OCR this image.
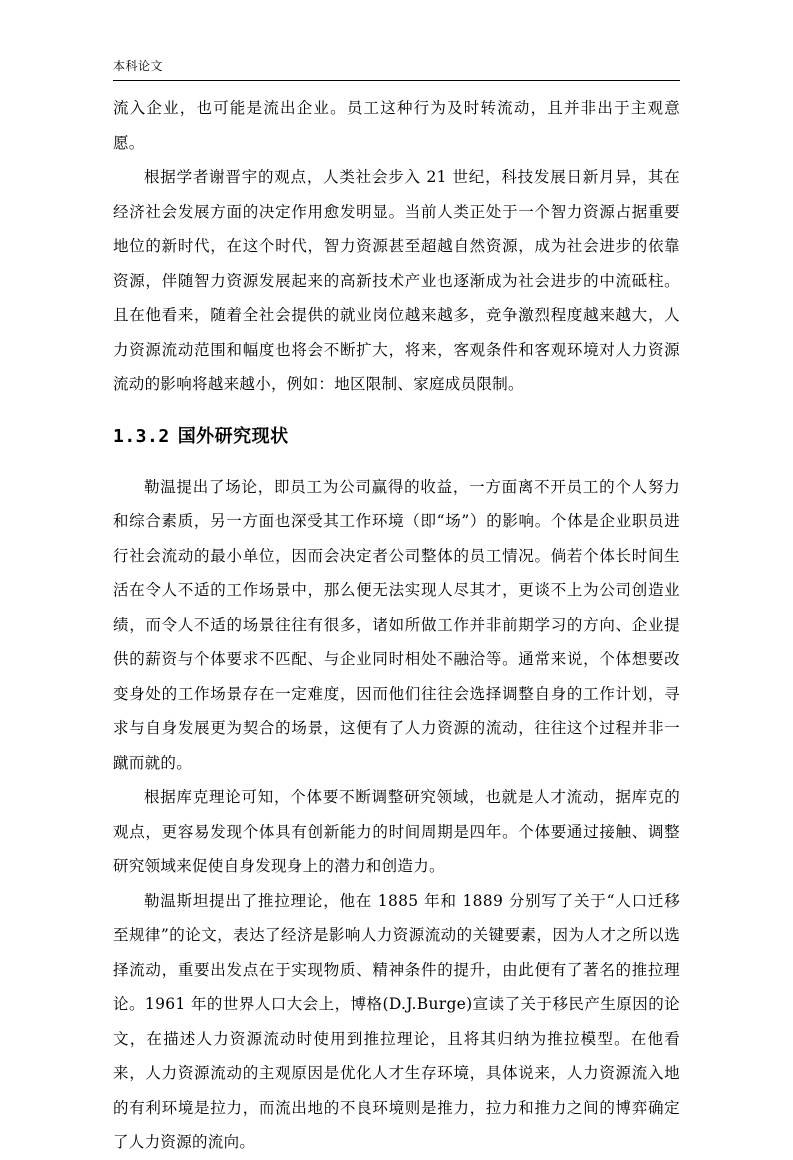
本科论文

流入企业，也可能是流出企业。员工这种行为及时转流动，且并非出于主观意愿。

根据学者谢晋宇的观点，人类社会步入 21 世纪，科技发展日新月异，其在经济社会发展方面的决定作用愈发明显。当前人类正处于一个智力资源占据重要地位的新时代，在这个时代，智力资源甚至超越自然资源，成为社会进步的依靠资源，伴随智力资源发展起来的高新技术产业也逐渐成为社会进步的中流砥柱。且在他看来，随着全社会提供的就业岗位越来越多，竞争激烈程度越来越大，人力资源流动范围和幅度也将会不断扩大，将来，客观条件和客观环境对人力资源流动的影响将越来越小，例如：地区限制、家庭成员限制。

1.3.2 国外研究现状

勒温提出了场论，即员工为公司赢得的收益，一方面离不开员工的个人努力和综合素质，另一方面也深受其工作环境（即“场”）的影响。个体是企业职员进行社会流动的最小单位，因而会决定者公司整体的员工情况。倘若个体长时间生活在令人不适的工作场景中，那么便无法实现人尽其才，更谈不上为公司创造业绩，而令人不适的场景往往有很多，诸如所做工作并非前期学习的方向、企业提供的薪资与个体要求不匹配、与企业同时相处不融洽等。通常来说，个体想要改变身处的工作场景存在一定难度，因而他们往往会选择调整自身的工作计划，寻求与自身发展更为契合的场景，这便有了人力资源的流动，往往这个过程并非一蹴而就的。

根据库克理论可知，个体要不断调整研究领域，也就是人才流动，据库克的观点，更容易发现个体具有创新能力的时间周期是四年。个体要通过接触、调整研究领域来促使自身发现身上的潜力和创造力。

勒温斯坦提出了推拉理论，他在 1885 年和 1889 分别写了关于“人口迁移至规律”的论文，表达了经济是影响人力资源流动的关键要素，因为人才之所以选择流动，重要出发点在于实现物质、精神条件的提升，由此便有了著名的推拉理论。1961 年的世界人口大会上，博格(D.J.Burge)宣读了关于移民产生原因的论文，在描述人力资源流动时使用到推拉理论，且将其归纳为推拉模型。在他看来，人力资源流动的主观原因是优化人才生存环境，具体说来，人力资源流入地的有利环境是拉力，而流出地的不良环境则是推力，拉力和推力之间的博弈确定了人力资源的流向。
